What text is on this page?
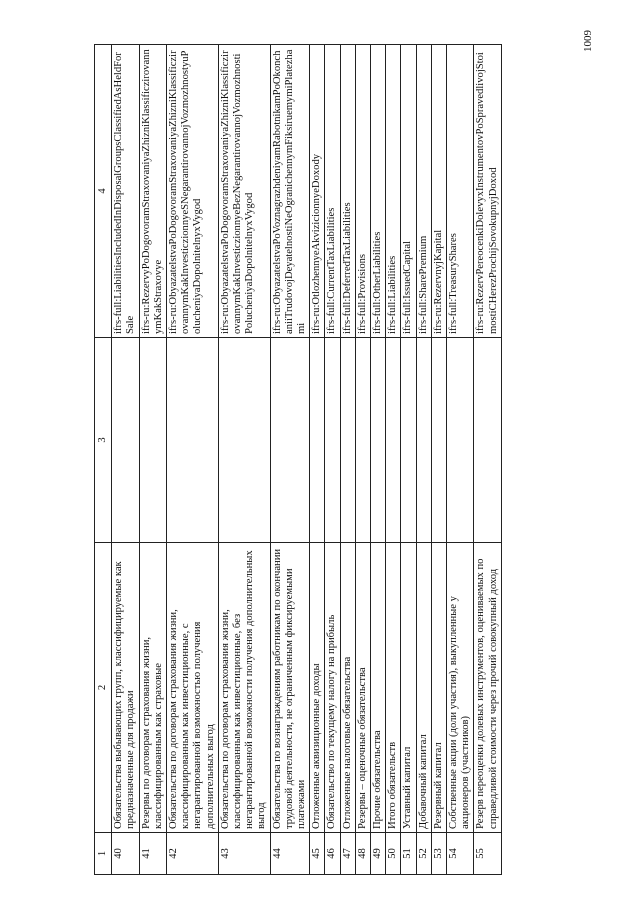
1	2	3	4
40	Обязательства выбывающих групп, классифицируемые как предназначенные для продажи		ifrs-full:LiabilitiesIncludedInDisposalGroupsClassifiedAsHeldForSale
41	Резервы по договорам страхования жизни, классифицированным как страховые		ifrs-ru:RezervyPoDogovoramStraxovaniyaZhizniKlassificzirovannymKakStraxovye
42	Обязательства по договорам страхования жизни, классифицированным как инвестиционные, с негарантированной возможностью получения дополнительных выгод		ifrs-ru:ObyazatelstvaPoDogovoramStraxovaniyaZhizniKlassificzirovannymKakInvesticzionnyeSNegarantirovannojVozmozhnostyuPolucheniyaDopolnitelnyxVygod
43	Обязательства по договорам страхования жизни, классифицированным как инвестиционные, без негарантированной возможности получения дополнительных выгод		ifrs-ru:ObyazatelstvaPoDogovoramStraxovaniyaZhizniKlassificzirovannymKakInvesticzionnyeBezNegarantirovannojVozmozhnostiPolucheniyaDopolnitelnyxVygod
44	Обязательства по вознаграждениям работникам по окончании трудовой деятельности, не ограниченным фиксируемыми платежами		ifrs-ru:ObyazatelstvaPoVoznagrazhdeniyamRabotnikamPoOkonchaniiTrudovojDeyatelnostiNeOgranichennymFiksiruemymiPlatezhami
45	Отложенные аквизиционные доходы		ifrs-ru:OtlozhennyeAkvizicionnyeDoxody
46	Обязательство по текущему налогу на прибыль		ifrs-full:CurrentTaxLiabilities
47	Отложенные налоговые обязательства		ifrs-full:DeferredTaxLiabilities
48	Резервы – оценочные обязательства		ifrs-full:Provisions
49	Прочие обязательства		ifrs-full:OtherLiabilities
50	Итого обязательств		ifrs-full:Liabilities
51	Уставный капитал		ifrs-full:IssuedCapital
52	Добавочный капитал		ifrs-full:SharePremium
53	Резервный капитал		ifrs-ru:RezervnyjKapital
54	Собственные акции (доли участия), выкупленные у акционеров (участников)		ifrs-full:TreasuryShares
55	Резерв переоценки долевых инструментов, оцениваемых по справедливой стоимости через прочий совокупный доход		ifrs-ru:RezervPereocenkiDolevyxInstrumentovPoSpravedlivojStoimostiCHerezProchijSovokupnyjDoxod
1009
